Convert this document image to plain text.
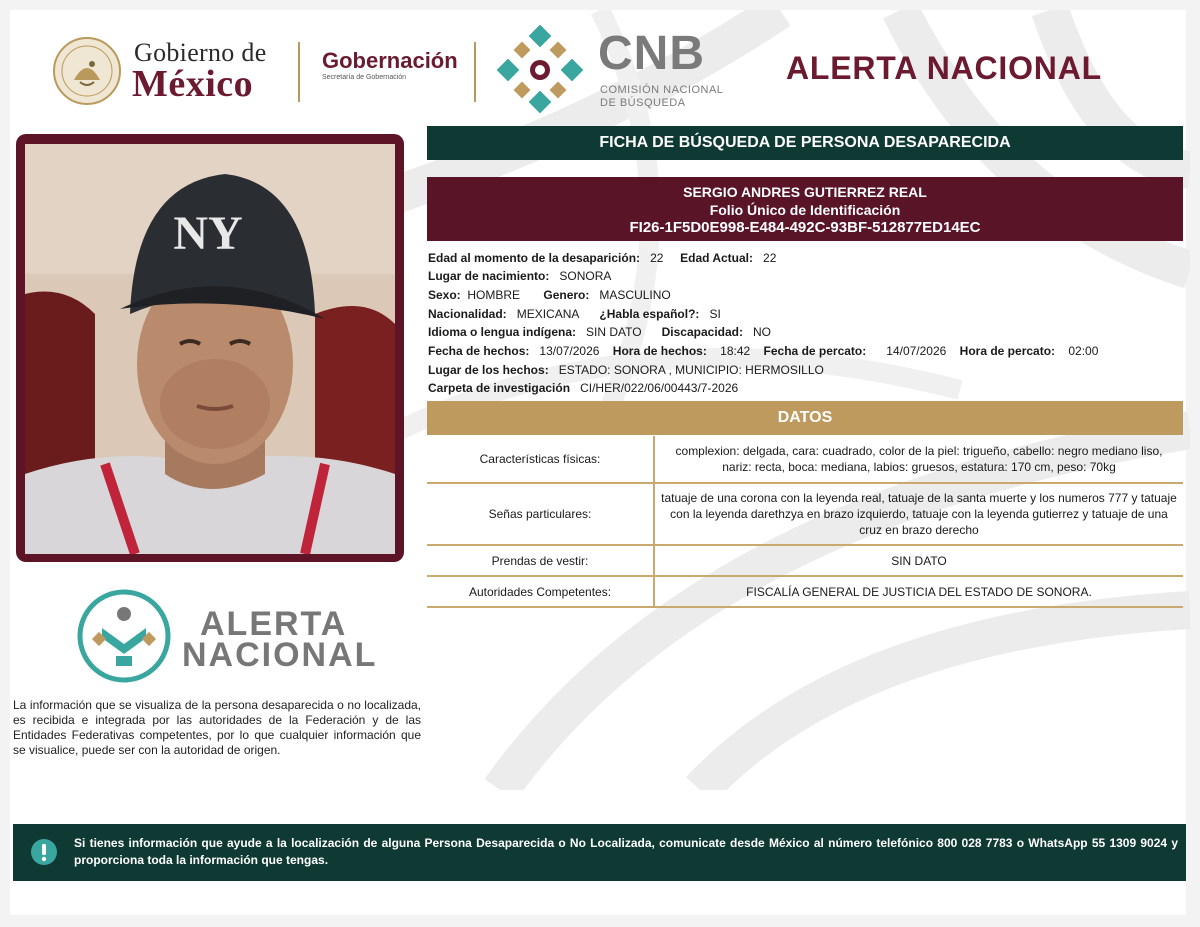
Gobierno de
México
Gobernación
Secretaría de Gobernación	CNB
COMISIÓN NACIONAL
DE BÚSQUEDA
ALERTA NACIONAL
NY
FICHA DE BÚSQUEDA DE PERSONA DESAPARECIDA
SERGIO ANDRES GUTIERREZ REAL
Folio Único de Identificación
FI26-1F5D0E998-E484-492C-93BF-512877ED14EC
Edad al momento de la desaparición: 22 Edad Actual: 22
Lugar de nacimiento: SONORA
Sexo: HOMBRE Genero: MASCULINO
Nacionalidad: MEXICANA ¿Habla español?: SI
Idioma o lengua indígena: SIN DATO Discapacidad: NO
Fecha de hechos: 13/07/2026 Hora de hechos: 18:42 Fecha de percato: 14/07/2026 Hora de percato: 02:00
Lugar de los hechos: ESTADO: SONORA , MUNICIPIO: HERMOSILLO
Carpeta de investigación CI/HER/022/06/00443/7-2026
DATOS
Características físicas:
complexion: delgada, cara: cuadrado, color de la piel: trigueño, cabello: negro mediano liso, nariz: recta, boca: mediana, labios: gruesos, estatura: 170 cm, peso: 70kg
Señas particulares:
tatuaje de una corona con la leyenda real, tatuaje de la santa muerte y los numeros 777 y tatuaje con la leyenda darethzya en brazo izquierdo, tatuaje con la leyenda gutierrez y tatuaje de una cruz en brazo derecho
Prendas de vestir:	SIN DATO
Autoridades Competentes:	FISCALÍA GENERAL DE JUSTICIA DEL ESTADO DE SONORA.
ALERTA
NACIONAL
La información que se visualiza de la persona desaparecida o no localizada, es recibida e integrada por las autoridades de la Federación y de las Entidades Federativas competentes, por lo que cualquier información que se visualice, puede ser con la autoridad de origen.
Si tienes información que ayude a la localización de alguna Persona Desaparecida o No Localizada, comunicate desde México al número telefónico 800 028 7783 o WhatsApp 55 1309 9024 y proporciona toda la información que tengas.
